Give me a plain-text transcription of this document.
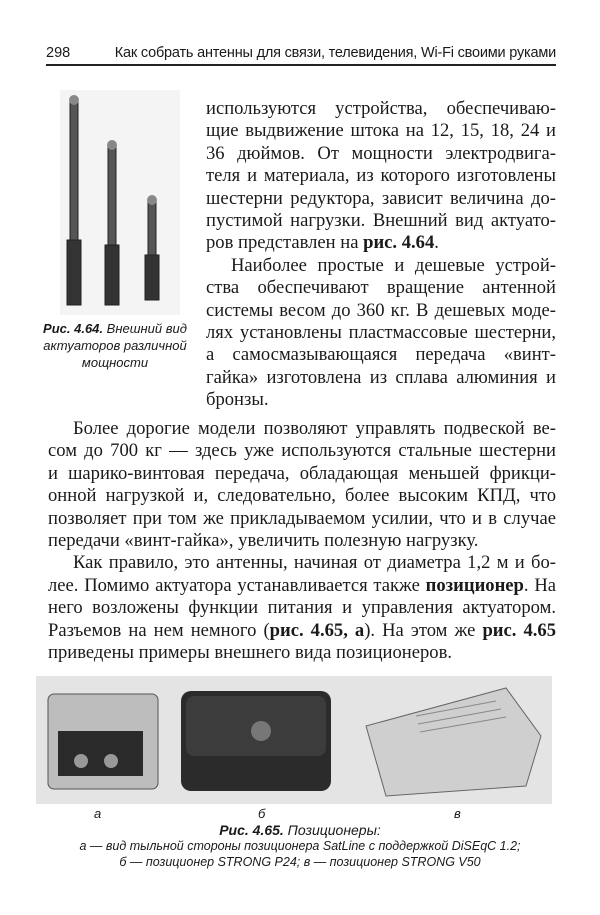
298	Как собрать антенны для связи, телевидения, Wi-Fi своими руками
Рис. 4.64. Внешний вид актуаторов различной мощности
используются устройства, обеспечиваю-
щие выдвижение штока на 12, 15, 18, 24 и
36 дюймов. От мощности электродвига-
теля и материала, из которого изготовлены
шестерни редуктора, зависит величина до-
пустимой нагрузки. Внешний вид актуато-
ров представлен на рис. 4.64.
Наиболее простые и дешевые устрой-
ства обеспечивают вращение антенной
системы весом до 360 кг. В дешевых моде-
лях установлены пластмассовые шестерни,
а самосмазывающаяся передача «винт-
гайка» изготовлена из сплава алюминия и
бронзы.
Более дорогие модели позволяют управлять подвеской ве-
сом до 700 кг — здесь уже используются стальные шестерни
и шарико-винтовая передача, обладающая меньшей фрикци-
онной нагрузкой и, следовательно, более высоким КПД, что
позволяет при том же прикладываемом усилии, что и в случае
передачи «винт-гайка», увеличить полезную нагрузку.
Как правило, это антенны, начиная от диаметра 1,2 м и бо-
лее. Помимо актуатора устанавливается также позиционер. На
него возложены функции питания и управления актуатором.
Разъемов на нем немного (рис. 4.65, а). На этом же рис. 4.65
приведены примеры внешнего вида позиционеров.
а	б	в
Рис. 4.65. Позиционеры:
а — вид тыльной стороны позиционера SatLine с поддержкой DiSEqC 1.2;
б — позиционер STRONG P24; в — позиционер STRONG V50
